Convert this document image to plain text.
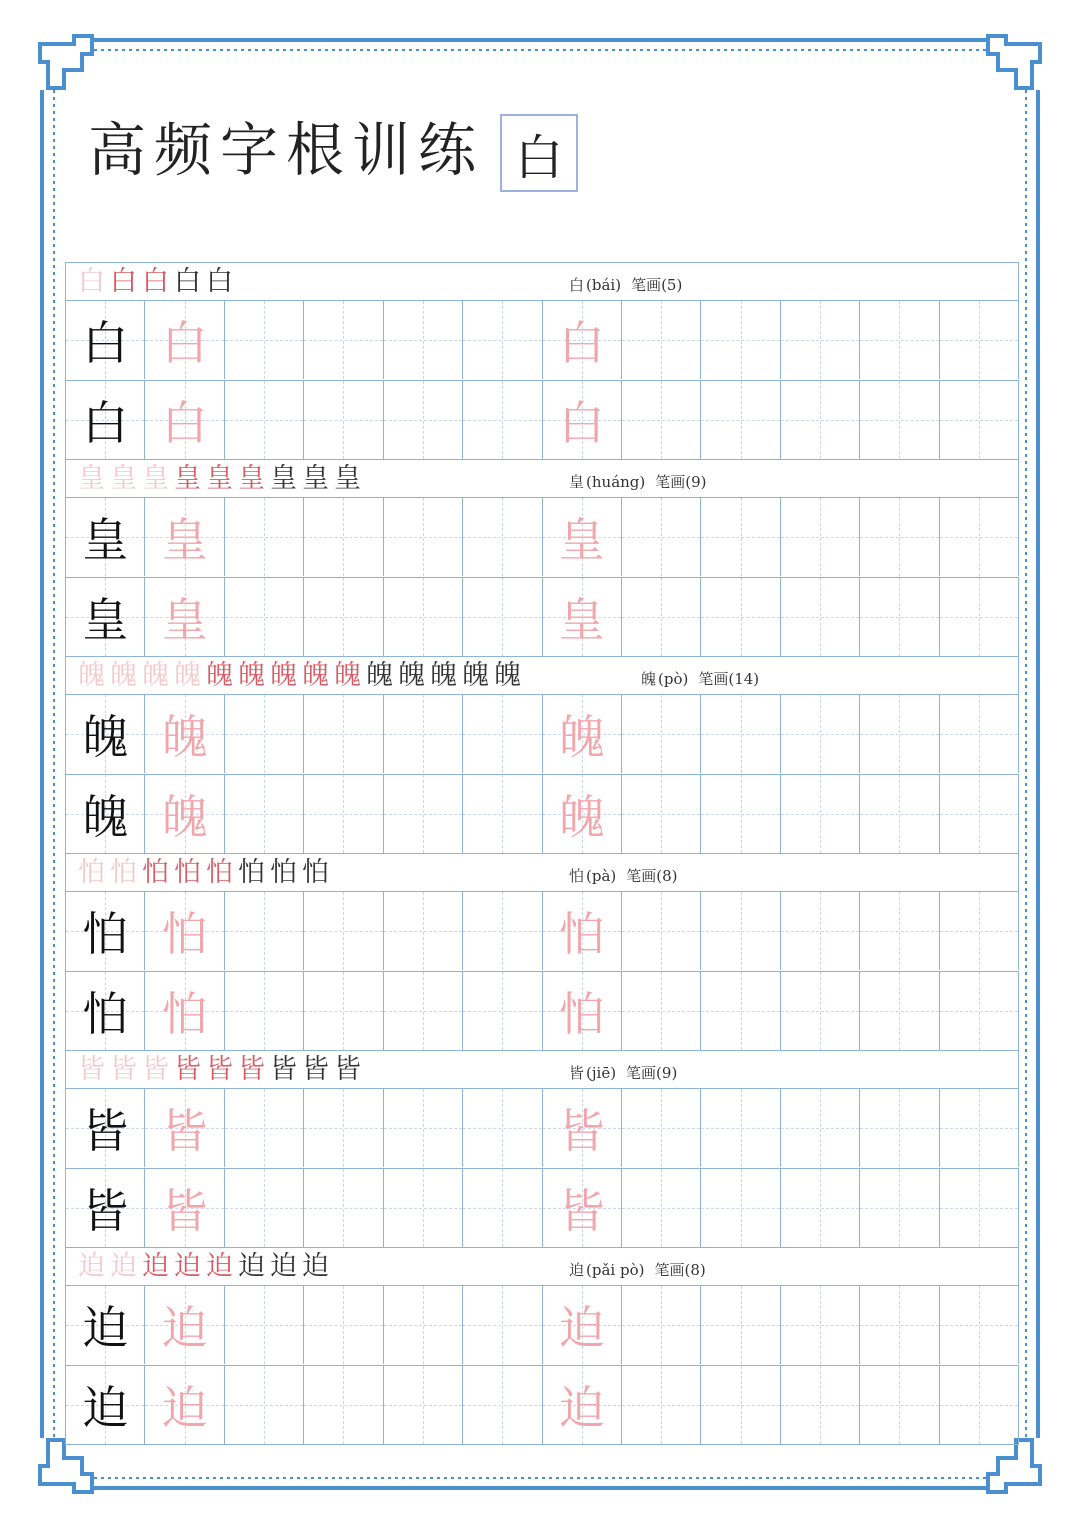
高频字根训练 白
白白白白白	白 (bái) 笔画(5)
白 白	白
白 白	白
皇皇皇皇皇皇皇皇皇	皇 (huáng) 笔画(9)
皇 皇	皇
皇 皇	皇
魄魄魄魄魄魄魄魄魄魄魄魄魄魄	魄 (pò) 笔画(14)
魄 魄	魄
魄 魄	魄
怕怕怕怕怕怕怕怕	怕 (pà) 笔画(8)
怕 怕	怕
怕 怕	怕
皆皆皆皆皆皆皆皆皆	皆 (jiē) 笔画(9)
皆 皆	皆
皆 皆	皆
迫迫迫迫迫迫迫迫	迫 (pǎi pò) 笔画(8)
迫 迫	迫
迫 迫	迫
